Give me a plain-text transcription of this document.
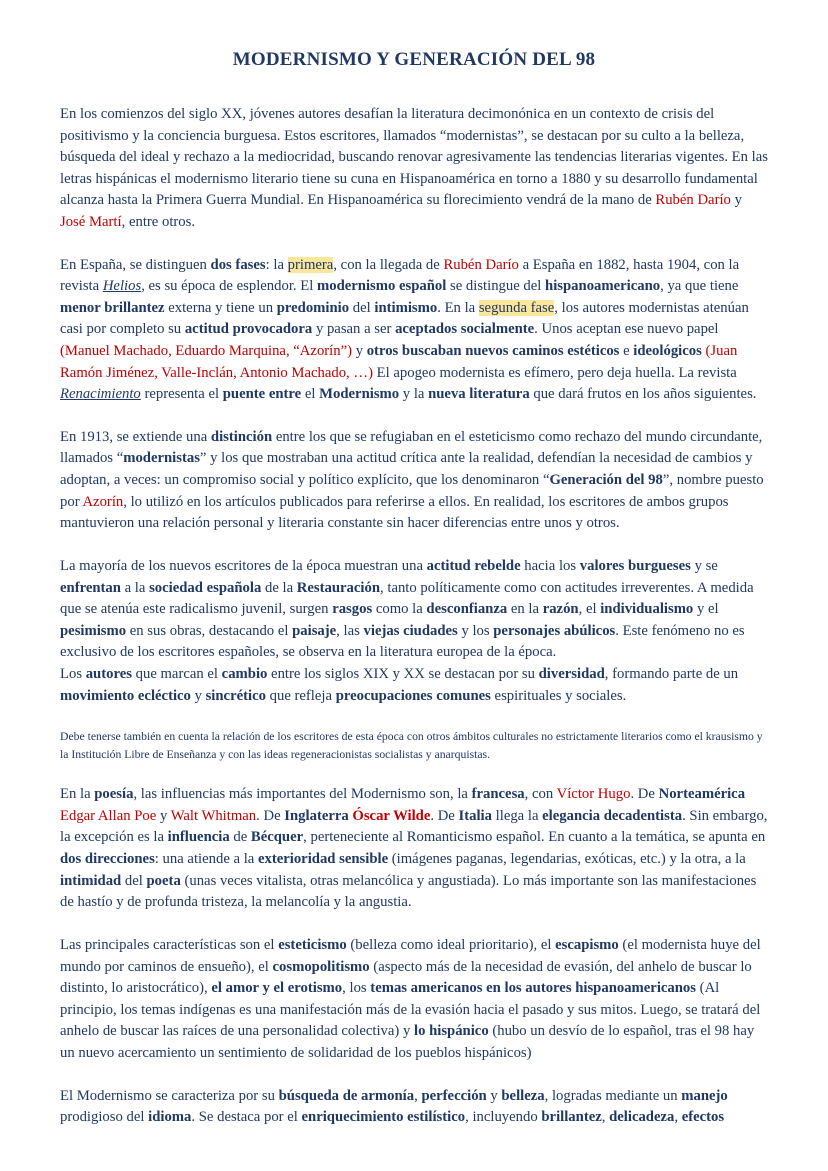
MODERNISMO Y GENERACIÓN DEL 98

En los comienzos del siglo XX, jóvenes autores desafían la literatura decimonónica en un contexto de crisis del positivismo y la conciencia burguesa. Estos escritores, llamados “modernistas”, se destacan por su culto a la belleza, búsqueda del ideal y rechazo a la mediocridad, buscando renovar agresivamente las tendencias literarias vigentes. En las letras hispánicas el modernismo literario tiene su cuna en Hispanoamérica en torno a 1880 y su desarrollo fundamental alcanza hasta la Primera Guerra Mundial. En Hispanoamérica su florecimiento vendrá de la mano de Rubén Darío y José Martí, entre otros.

En España, se distinguen dos fases: la primera, con la llegada de Rubén Darío a España en 1882, hasta 1904, con la revista Helios, es su época de esplendor. El modernismo español se distingue del hispanoamericano, ya que tiene menor brillantez externa y tiene un predominio del intimismo. En la segunda fase, los autores modernistas atenúan casi por completo su actitud provocadora y pasan a ser aceptados socialmente. Unos aceptan ese nuevo papel (Manuel Machado, Eduardo Marquina, “Azorín”) y otros buscaban nuevos caminos estéticos e ideológicos (Juan Ramón Jiménez, Valle-Inclán, Antonio Machado, …) El apogeo modernista es efímero, pero deja huella. La revista Renacimiento representa el puente entre el Modernismo y la nueva literatura que dará frutos en los años siguientes.

En 1913, se extiende una distinción entre los que se refugiaban en el esteticismo como rechazo del mundo circundante, llamados “modernistas” y los que mostraban una actitud crítica ante la realidad, defendían la necesidad de cambios y adoptan, a veces: un compromiso social y político explícito, que los denominaron “Generación del 98”, nombre puesto por Azorín, lo utilizó en los artículos publicados para referirse a ellos. En realidad, los escritores de ambos grupos mantuvieron una relación personal y literaria constante sin hacer diferencias entre unos y otros.

La mayoría de los nuevos escritores de la época muestran una actitud rebelde hacia los valores burgueses y se enfrentan a la sociedad española de la Restauración, tanto políticamente como con actitudes irreverentes. A medida que se atenúa este radicalismo juvenil, surgen rasgos como la desconfianza en la razón, el individualismo y el pesimismo en sus obras, destacando el paisaje, las viejas ciudades y los personajes abúlicos. Este fenómeno no es exclusivo de los escritores españoles, se observa en la literatura europea de la época.

Los autores que marcan el cambio entre los siglos XIX y XX se destacan por su diversidad, formando parte de un movimiento ecléctico y sincrético que refleja preocupaciones comunes espirituales y sociales.

Debe tenerse también en cuenta la relación de los escritores de esta época con otros ámbitos culturales no estrictamente literarios como el krausismo y la Institución Libre de Enseñanza y con las ideas regeneracionistas socialistas y anarquistas.

En la poesía, las influencias más importantes del Modernismo son, la francesa, con Víctor Hugo. De Norteamérica Edgar Allan Poe y Walt Whitman. De Inglaterra Óscar Wilde. De Italia llega la elegancia decadentista. Sin embargo, la excepción es la influencia de Bécquer, perteneciente al Romanticismo español. En cuanto a la temática, se apunta en dos direcciones: una atiende a la exterioridad sensible (imágenes paganas, legendarias, exóticas, etc.) y la otra, a la intimidad del poeta (unas veces vitalista, otras melancólica y angustiada). Lo más importante son las manifestaciones de hastío y de profunda tristeza, la melancolía y la angustia.

Las principales características son el esteticismo (belleza como ideal prioritario), el escapismo (el modernista huye del mundo por caminos de ensueño), el cosmopolitismo (aspecto más de la necesidad de evasión, del anhelo de buscar lo distinto, lo aristocrático), el amor y el erotismo, los temas americanos en los autores hispanoamericanos (Al principio, los temas indígenas es una manifestación más de la evasión hacia el pasado y sus mitos. Luego, se tratará del anhelo de buscar las raíces de una personalidad colectiva) y lo hispánico (hubo un desvío de lo español, tras el 98 hay un nuevo acercamiento un sentimiento de solidaridad de los pueblos hispánicos)

El Modernismo se caracteriza por su búsqueda de armonía, perfección y belleza, logradas mediante un manejo prodigioso del idioma. Se destaca por el enriquecimiento estilístico, incluyendo brillantez, delicadeza, efectos
